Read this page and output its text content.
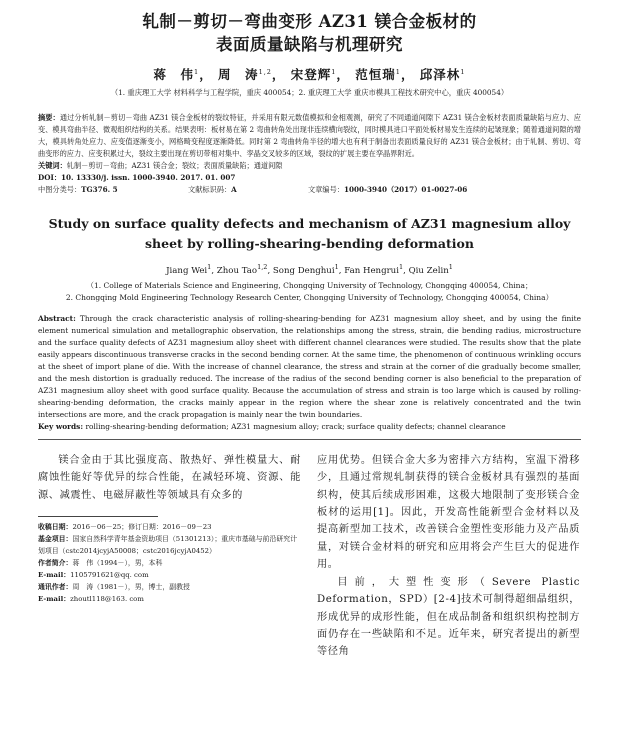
轧制－剪切－弯曲变形 AZ31 镁合金板材的
表面质量缺陷与机理研究
蒋　伟$^1$， 周　涛$^{1,2}$， 宋登辉$^1$， 范恒瑞$^1$， 邱泽林$^1$
（1. 重庆理工大学 材料科学与工程学院，重庆 400054；2. 重庆理工大学 重庆市模具工程技术研究中心，重庆 400054）
摘要：通过分析轧制－剪切－弯曲 AZ31 镁合金板材的裂纹特征，并采用有限元数值模拟和金相观测，研究了不同通道间隙下 AZ31 镁合金板材表面质量缺陷与应力、应变、模具弯曲半径、微观组织结构的关系。结果表明：板材易在第 2 弯曲转角处出现非连续横向裂纹，同时模具进口平面处板材易发生连续的起皱现象；随着通道间隙的增大，模具转角处应力、应变值逐渐变小，网格畸变程度逐渐降低。同时第 2 弯曲转角半径的增大也有利于制备出表面质量良好的 AZ31 镁合金板材；由于轧制、剪切、弯曲变形的应力、应变积累过大，裂纹主要出现在剪切带相对集中、孪晶交叉较多的区域，裂纹的扩展主要在孪晶界附近。
关键词：轧制－剪切－弯曲；AZ31 镁合金；裂纹；表面质量缺陷；通道间隙
DOI：10. 13330/j. issn. 1000-3940. 2017. 01. 007
中图分类号：TG376. 5	文献标识码：A	文章编号：1000-3940（2017）01-0027-06
Study on surface quality defects and mechanism of AZ31 magnesium alloy
sheet by rolling-shearing-bending deformation
Jiang Wei$^1$, Zhou Tao$^{1,2}$, Song Denghui$^1$, Fan Hengrui$^1$, Qiu Zelin$^1$
（1. College of Materials Science and Engineering, Chongqing University of Technology, Chongqing 400054, China；
2. Chongqing Mold Engineering Technology Research Center, Chongqing University of Technology, Chongqing 400054, China）
Abstract: Through the crack characteristic analysis of rolling-shearing-bending for AZ31 magnesium alloy sheet, and by using the finite element numerical simulation and metallographic observation, the relationships among the stress, strain, die bending radius, microstructure and the surface quality defects of AZ31 magnesium alloy sheet with different channel clearances were studied. The results show that the plate easily appears discontinuous transverse cracks in the second bending corner. At the same time, the phenomenon of continuous wrinkling occurs at the sheet of import plane of die. With the increase of channel clearance, the stress and strain at the corner of die gradually become smaller, and the mesh distortion is gradually reduced. The increase of the radius of the second bending corner is also beneficial to the preparation of AZ31 magnesium alloy sheet with good surface quality. Because the accumulation of stress and strain is too large which is caused by rolling-shearing-bending deformation, the cracks mainly appear in the region where the shear zone is relatively concentrated and the twin intersections are more, and the crack propagation is mainly near the twin boundaries.
Key words: rolling-shearing-bending deformation; AZ31 magnesium alloy; crack; surface quality defects; channel clearance

镁合金由于其比强度高、散热好、弹性模量大、耐腐蚀性能好等优异的综合性能，在减轻环境、资源、能源、减震性、电磁屏蔽性等领域具有众多的

收稿日期：2016－06－25；修订日期：2016－09－23
基金项目：国家自然科学青年基金资助项目（51301213）；重庆市基础与前沿研究计划项目（cstc2014jcyjA50008；cstc2016jcyjA0452）
作者简介：蒋　伟（1994－），男，本科
E-mail：1105791621@qq. com
通讯作者：周　涛（1981－），男，博士，副教授
E-mail：zhoutl118@163. com

应用优势。但镁合金大多为密排六方结构，室温下滑移少，且通过常规轧制获得的镁合金板材具有强烈的基面织构，使其后续成形困难，这极大地限制了变形镁合金板材的运用[1]。因此，开发高性能新型合金材料以及提高新型加工技术，改善镁合金塑性变形能力及产品质量，对镁合金材料的研究和应用将会产生巨大的促进作用。

目前，大塑性变形（Severe Plastic Deformation，SPD）[2-4]技术可制得超细晶组织，形成优异的成形性能，但在成品制备和组织织构控制方面仍存在一些缺陷和不足。近年来，研究者提出的新型等径角
